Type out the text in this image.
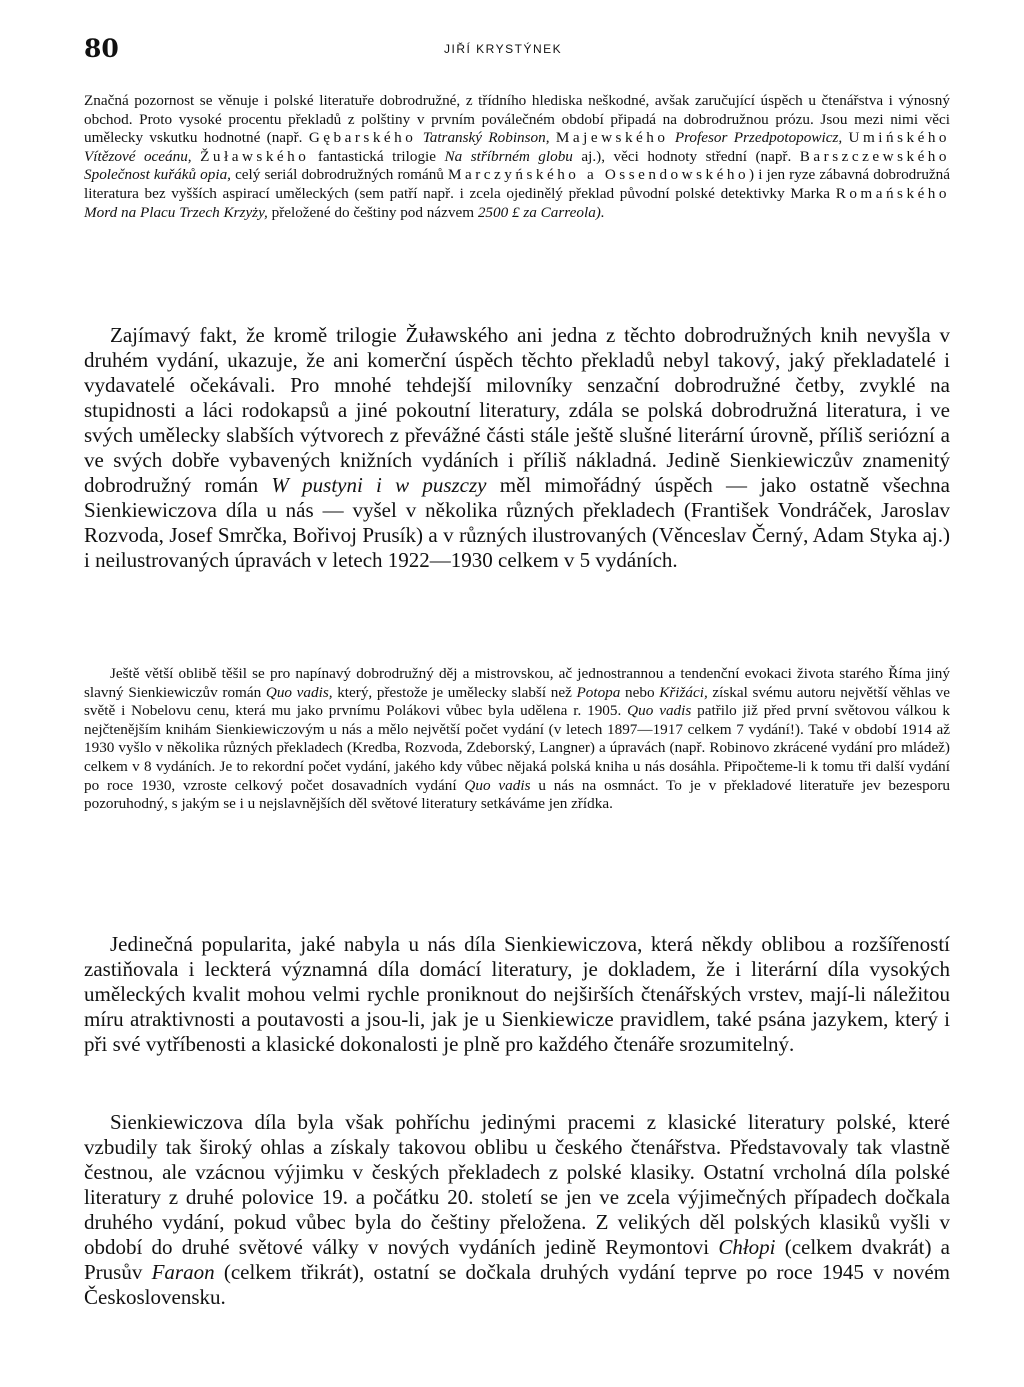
80	JIŘÍ KRYSTÝNEK

Značná pozornost se věnuje i polské literatuře dobrodružné, z třídního hlediska neškodné, avšak zaručující úspěch u čtenářstva i výnosný obchod. Proto vysoké procentu překladů z polštiny v prvním poválečném období připadá na dobrodružnou prózu. Jsou mezi nimi věci umělecky vskutku hodnotné (např. Gębarského Tatranský Robinson, Majewského Profesor Przedpotopowicz, Umińského Vítězové oceánu, Žuławského fantastická trilogie Na stříbrném globu aj.), věci hodnoty střední (např. Barszczewského Společnost kuřáků opia, celý seriál dobrodružných románů Marczyńského a Ossendowského) i jen ryze zábavná dobrodružná literatura bez vyšších aspirací uměleckých (sem patří např. i zcela ojedinělý překlad původní polské detektivky Marka Romańského Mord na Placu Trzech Krzyży, přeložené do češtiny pod názvem 2500 £ za Carreola).

Zajímavý fakt, že kromě trilogie Žuławského ani jedna z těchto dobrodružných knih nevyšla v druhém vydání, ukazuje, že ani komerční úspěch těchto překladů nebyl takový, jaký překladatelé i vydavatelé očekávali. Pro mnohé tehdejší milovníky senzační dobrodružné četby, zvyklé na stupidnosti a láci rodokapsů a jiné pokoutní literatury, zdála se polská dobrodružná literatura, i ve svých umělecky slabších výtvorech z převážné části stále ještě slušné literární úrovně, příliš seriózní a ve svých dobře vybavených knižních vydáních i příliš nákladná. Jedině Sienkiewiczův znamenitý dobrodružný román W pustyni i w puszczy měl mimořádný úspěch — jako ostatně všechna Sienkiewiczova díla u nás — vyšel v několika různých překladech (František Vondráček, Jaroslav Rozvoda, Josef Smrčka, Bořivoj Prusík) a v různých ilustrovaných (Věnceslav Černý, Adam Styka aj.) i neilustrovaných úpravách v letech 1922—1930 celkem v 5 vydáních.

Ještě větší oblibě těšil se pro napínavý dobrodružný děj a mistrovskou, ač jednostrannou a tendenční evokaci života starého Říma jiný slavný Sienkiewiczův román Quo vadis, který, přestože je umělecky slabší než Potopa nebo Křižáci, získal svému autoru největší věhlas ve světě i Nobelovu cenu, která mu jako prvnímu Polákovi vůbec byla udělena r. 1905. Quo vadis patřilo již před první světovou válkou k nejčtenějším knihám Sienkiewiczovým u nás a mělo největší počet vydání (v letech 1897—1917 celkem 7 vydání!). Také v období 1914 až 1930 vyšlo v několika různých překladech (Kredba, Rozvoda, Zdeborský, Langner) a úpravách (např. Robinovo zkrácené vydání pro mládež) celkem v 8 vydáních. Je to rekordní počet vydání, jakého kdy vůbec nějaká polská kniha u nás dosáhla. Připočteme-li k tomu tři další vydání po roce 1930, vzroste celkový počet dosavadních vydání Quo vadis u nás na osmnáct. To je v překladové literatuře jev bezesporu pozoruhodný, s jakým se i u nejslavnějších děl světové literatury setkáváme jen zřídka.

Jedinečná popularita, jaké nabyla u nás díla Sienkiewiczova, která někdy oblibou a rozšířeností zastiňovala i leckterá významná díla domácí literatury, je dokladem, že i literární díla vysokých uměleckých kvalit mohou velmi rychle proniknout do nejširších čtenářských vrstev, mají-li náležitou míru atraktivnosti a poutavosti a jsou-li, jak je u Sienkiewicze pravidlem, také psána jazykem, který i při své vytříbenosti a klasické dokonalosti je plně pro každého čtenáře srozumitelný.

Sienkiewiczova díla byla však pohříchu jedinými pracemi z klasické literatury polské, které vzbudily tak široký ohlas a získaly takovou oblibu u českého čtenářstva. Představovaly tak vlastně čestnou, ale vzácnou výjimku v českých překladech z polské klasiky. Ostatní vrcholná díla polské literatury z druhé polovice 19. a počátku 20. století se jen ve zcela výjimečných případech dočkala druhého vydání, pokud vůbec byla do češtiny přeložena. Z velikých děl polských klasiků vyšli v období do druhé světové války v nových vydáních jedině Reymontovi Chłopi (celkem dvakrát) a Prusův Faraon (celkem třikrát), ostatní se dočkala druhých vydání teprve po roce 1945 v novém Československu.
